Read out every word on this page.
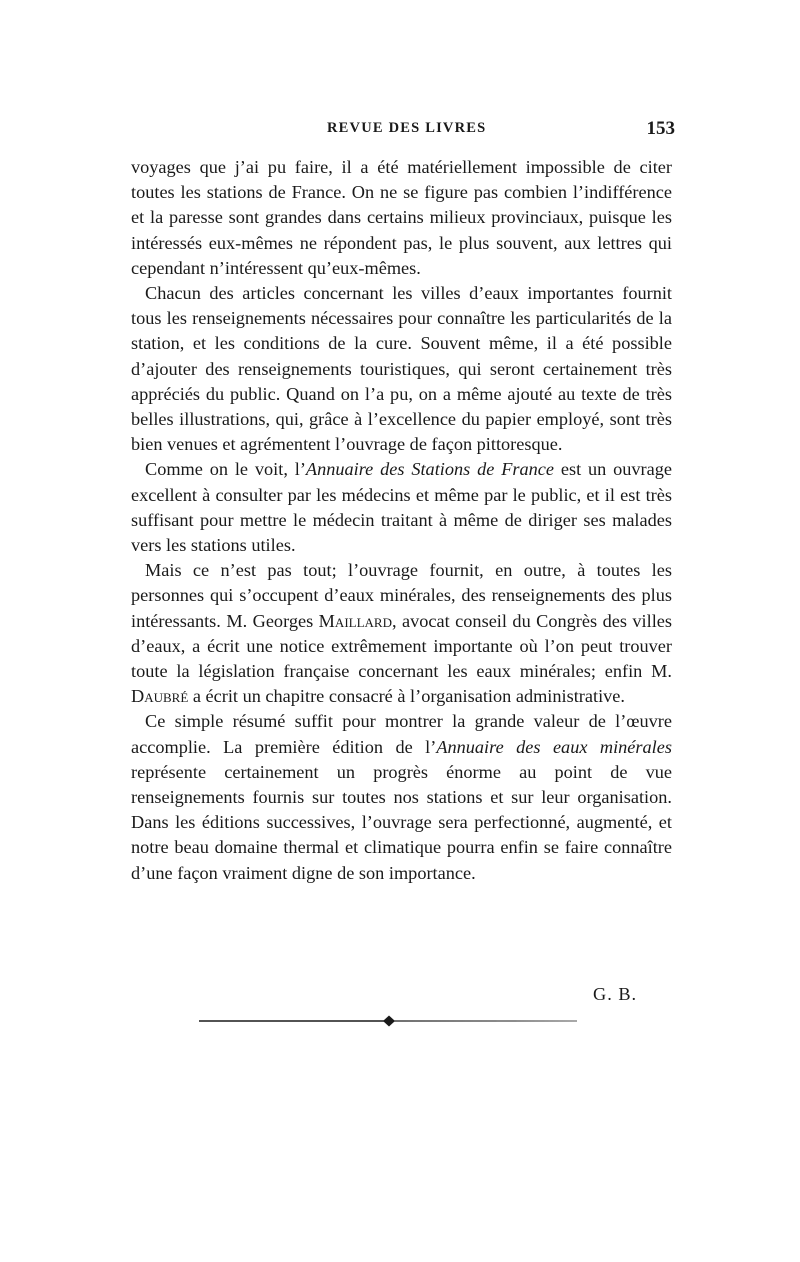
REVUE DES LIVRES	153

voyages que j’ai pu faire, il a été matériellement impossible de citer toutes les stations de France. On ne se figure pas combien l’indifférence et la paresse sont grandes dans certains milieux provinciaux, puisque les intéressés eux-mêmes ne répondent pas, le plus souvent, aux lettres qui cependant n’intéressent qu’eux-mêmes.

Chacun des articles concernant les villes d’eaux importantes fournit tous les renseignements nécessaires pour connaître les particularités de la station, et les conditions de la cure. Souvent même, il a été possible d’ajouter des renseignements touristiques, qui seront certainement très appréciés du public. Quand on l’a pu, on a même ajouté au texte de très belles illustrations, qui, grâce à l’excellence du papier employé, sont très bien venues et agrémentent l’ouvrage de façon pittoresque.

Comme on le voit, l’Annuaire des Stations de France est un ouvrage excellent à consulter par les médecins et même par le public, et il est très suffisant pour mettre le médecin traitant à même de diriger ses malades vers les stations utiles.

Mais ce n’est pas tout; l’ouvrage fournit, en outre, à toutes les personnes qui s’occupent d’eaux minérales, des renseignements des plus intéressants. M. Georges Maillard, avocat conseil du Congrès des villes d’eaux, a écrit une notice extrêmement importante où l’on peut trouver toute la législation française concernant les eaux minérales; enfin M. Daubré a écrit un chapitre consacré à l’organisation administrative.

Ce simple résumé suffit pour montrer la grande valeur de l’œuvre accomplie. La première édition de l’Annuaire des eaux minérales représente certainement un progrès énorme au point de vue renseignements fournis sur toutes nos stations et sur leur organisation. Dans les éditions successives, l’ouvrage sera perfectionné, augmenté, et notre beau domaine thermal et climatique pourra enfin se faire connaître d’une façon vraiment digne de son importance.

G. B.
